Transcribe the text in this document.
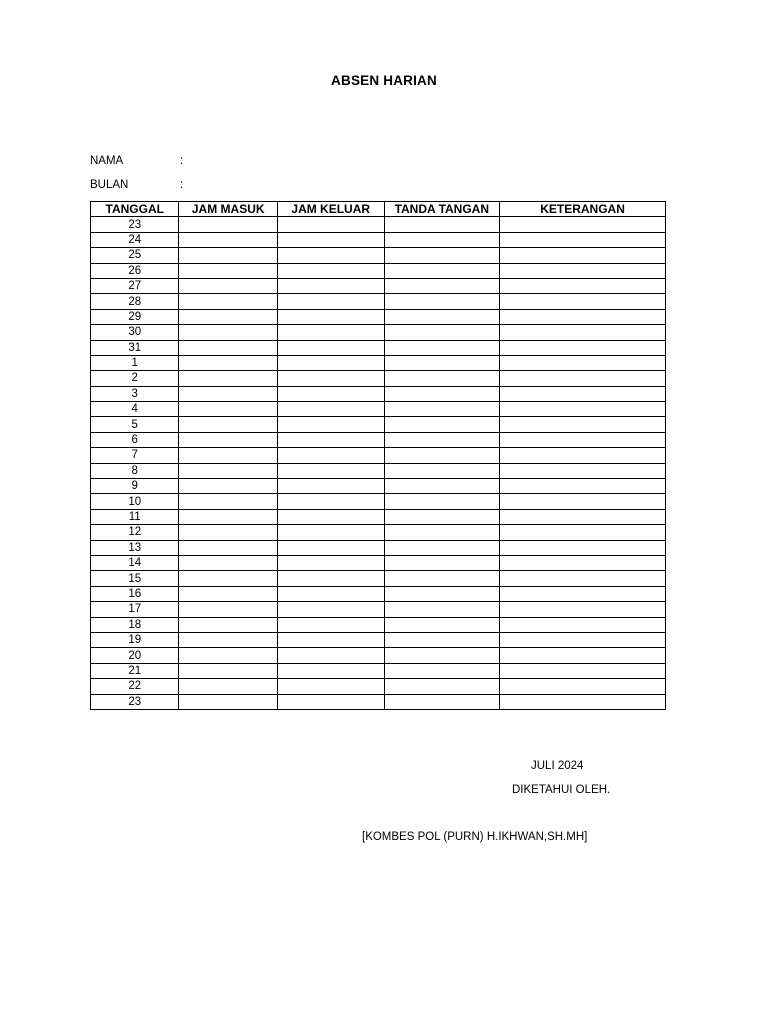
ABSEN HARIAN
NAMA	:
BULAN	:
TANGGAL	JAM MASUK	JAM KELUAR	TANDA TANGAN	KETERANGAN
23				
24				
25				
26				
27				
28				
29				
30				
31				
1				
2				
3				
4				
5				
6				
7				
8				
9				
10				
11				
12				
13				
14				
15				
16				
17				
18				
19				
20				
21				
22				
23				
JULI 2024
DIKETAHUI OLEH.
[KOMBES POL (PURN) H.IKHWAN,SH.MH]
